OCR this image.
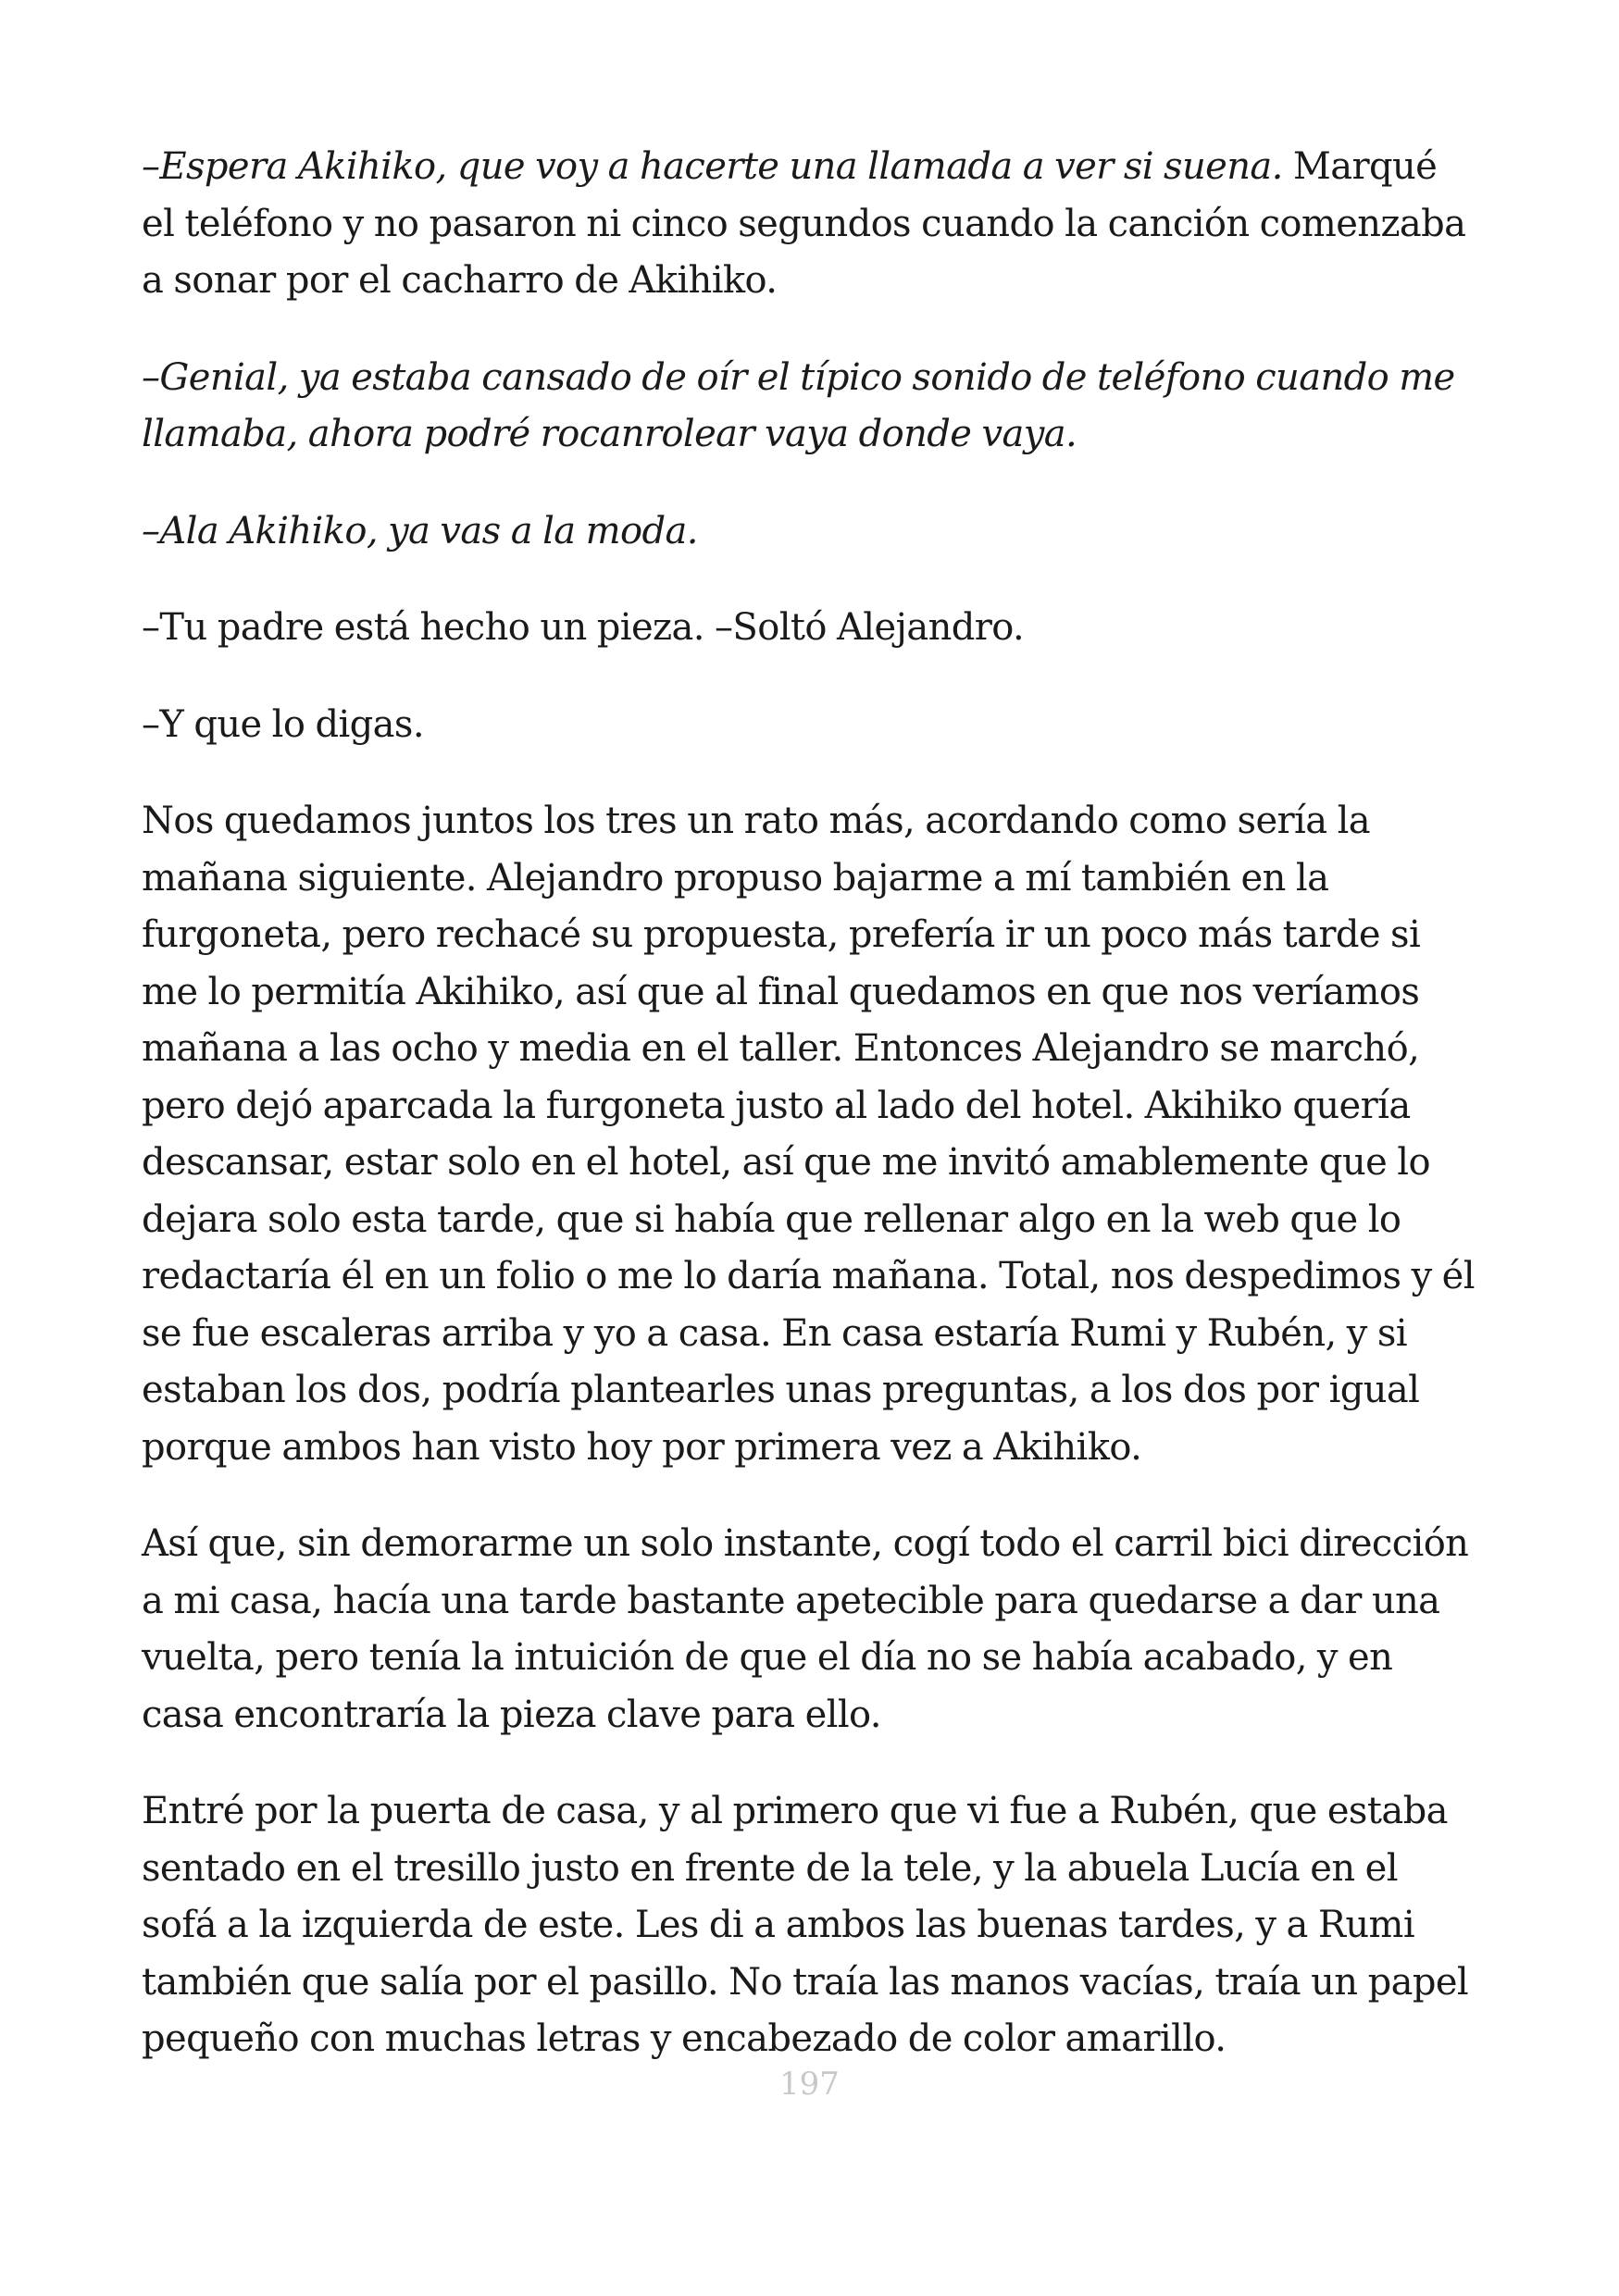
–Espera Akihiko, que voy a hacerte una llamada a ver si suena. Marqué el teléfono y no pasaron ni cinco segundos cuando la canción comenzaba a sonar por el cacharro de Akihiko.

–Genial, ya estaba cansado de oír el típico sonido de teléfono cuando me llamaba, ahora podré rocanrolear vaya donde vaya.

–Ala Akihiko, ya vas a la moda.

–Tu padre está hecho un pieza. –Soltó Alejandro.

–Y que lo digas.

Nos quedamos juntos los tres un rato más, acordando como sería la mañana siguiente. Alejandro propuso bajarme a mí también en la furgoneta, pero rechacé su propuesta, prefería ir un poco más tarde si me lo permitía Akihiko, así que al final quedamos en que nos veríamos mañana a las ocho y media en el taller. Entonces Alejandro se marchó, pero dejó aparcada la furgoneta justo al lado del hotel. Akihiko quería descansar, estar solo en el hotel, así que me invitó amablemente que lo dejara solo esta tarde, que si había que rellenar algo en la web que lo redactaría él en un folio o me lo daría mañana. Total, nos despedimos y él se fue escaleras arriba y yo a casa. En casa estaría Rumi y Rubén, y si estaban los dos, podría plantearles unas preguntas, a los dos por igual porque ambos han visto hoy por primera vez a Akihiko.

Así que, sin demorarme un solo instante, cogí todo el carril bici dirección a mi casa, hacía una tarde bastante apetecible para quedarse a dar una vuelta, pero tenía la intuición de que el día no se había acabado, y en casa encontraría la pieza clave para ello.

Entré por la puerta de casa, y al primero que vi fue a Rubén, que estaba sentado en el tresillo justo en frente de la tele, y la abuela Lucía en el sofá a la izquierda de este. Les di a ambos las buenas tardes, y a Rumi también que salía por el pasillo. No traía las manos vacías, traía un papel pequeño con muchas letras y encabezado de color amarillo.

197
